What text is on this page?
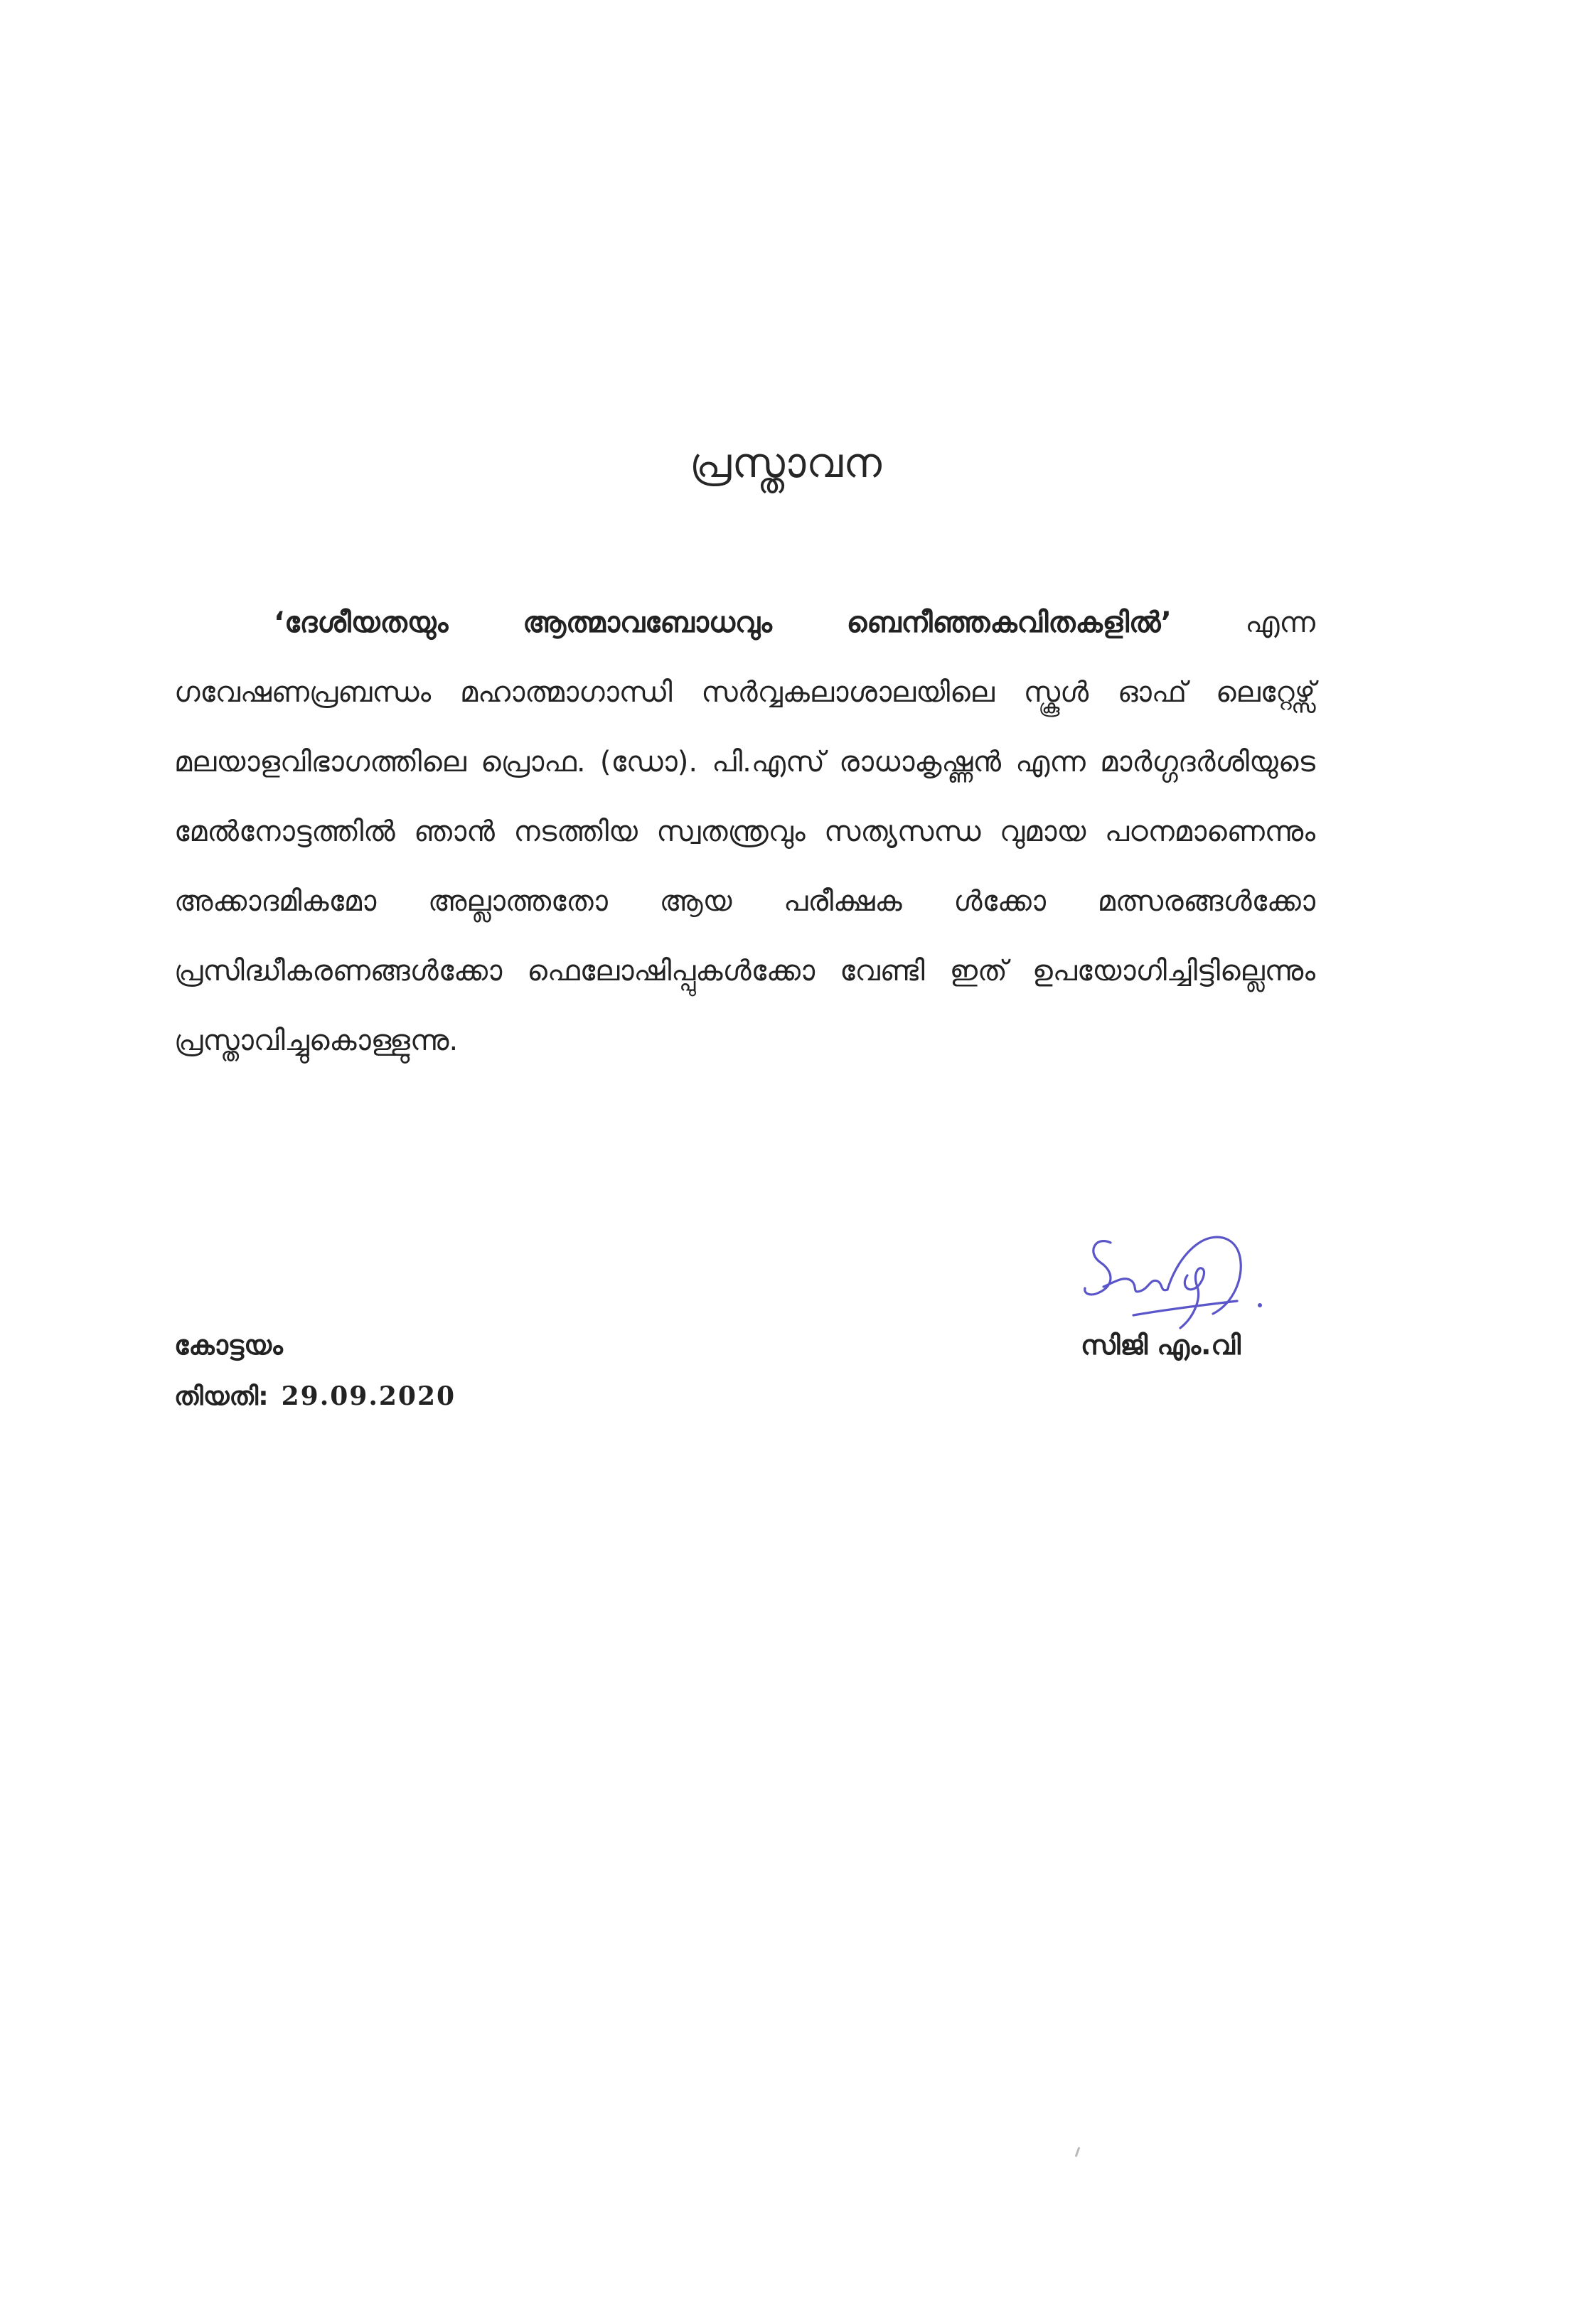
പ്രസ്താവന

‘ദേശീയതയും ആത്മാവബോധവും ബെനീഞ്ഞകവിതകളിൽ’ എന്ന ഗവേഷണപ്രബന്ധം മഹാത്മാഗാന്ധി സർവ്വകലാശാലയിലെ സ്കൂൾ ഓഫ് ലെറ്റേഴ്സ് മലയാളവിഭാഗത്തിലെ പ്രൊഫ. (ഡോ). പി.എസ് രാധാകൃഷ്ണൻ എന്ന മാർഗ്ഗദർശിയുടെ മേൽനോട്ടത്തിൽ ഞാൻ നടത്തിയ സ്വതന്ത്രവും സത്യസന്ധ വുമായ പഠനമാണെന്നും അക്കാദമികമോ അല്ലാത്തതോ ആയ പരീക്ഷക ൾക്കോ മത്സരങ്ങൾക്കോ പ്രസിദ്ധീകരണങ്ങൾക്കോ ഫെലോഷിപ്പുകൾക്കോ വേണ്ടി ഇത് ഉപയോഗിച്ചിട്ടില്ലെന്നും പ്രസ്താവിച്ചുകൊള്ളുന്നു.

കോട്ടയം
തിയതി: 29.09.2020
സിജി എം.വി
